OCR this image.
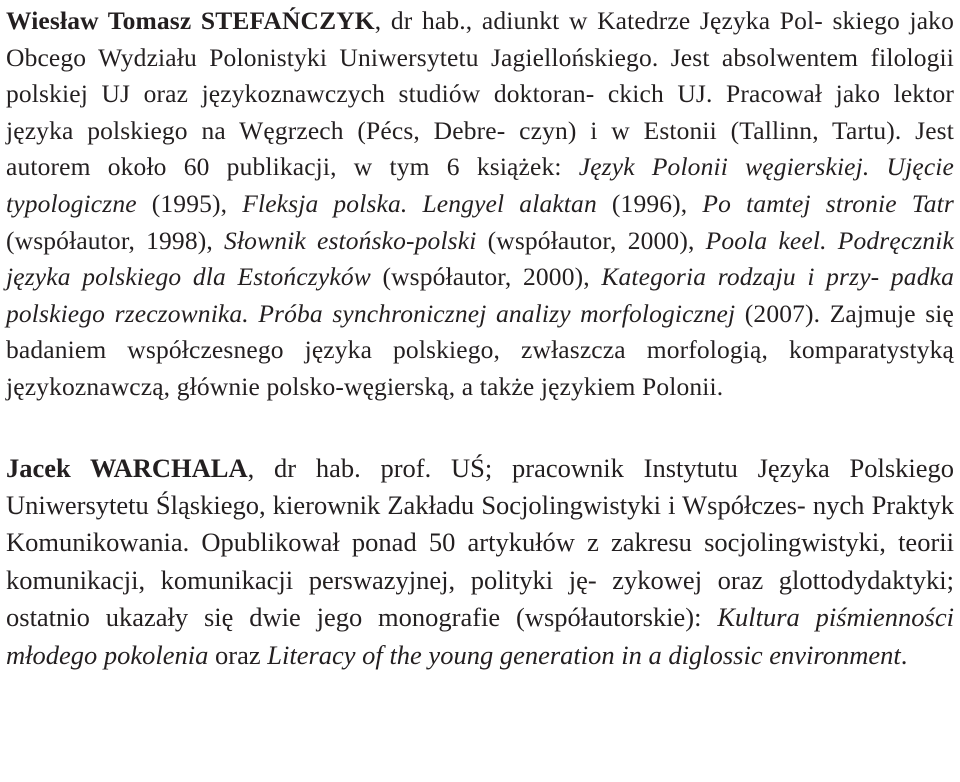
Wiesław Tomasz STEFAŃCZYK, dr hab., adiunkt w Katedrze Języka Pol- skiego jako Obcego Wydziału Polonistyki Uniwersytetu Jagiellońskiego. Jest absolwentem filologii polskiej UJ oraz językoznawczych studiów doktoran- ckich UJ. Pracował jako lektor języka polskiego na Węgrzech (Pécs, Debre- czyn) i w Estonii (Tallinn, Tartu). Jest autorem około 60 publikacji, w tym 6 książek: Język Polonii węgierskiej. Ujęcie typologiczne (1995), Fleksja polska. Lengyel alaktan (1996), Po tamtej stronie Tatr (współautor, 1998), Słownik estońsko-polski (współautor, 2000), Poola keel. Podręcznik języka polskiego dla Estończyków (współautor, 2000), Kategoria rodzaju i przy- padka polskiego rzeczownika. Próba synchronicznej analizy morfologicznej (2007). Zajmuje się badaniem współczesnego języka polskiego, zwłaszcza morfologią, komparatystyką językoznawczą, głównie polsko-węgierską, a także językiem Polonii.

Jacek WARCHALA, dr hab. prof. UŚ; pracownik Instytutu Języka Polskiego Uniwersytetu Śląskiego, kierownik Zakładu Socjolingwistyki i Współczes- nych Praktyk Komunikowania. Opublikował ponad 50 artykułów z zakresu socjolingwistyki, teorii komunikacji, komunikacji perswazyjnej, polityki ję- zykowej oraz glottodydaktyki; ostatnio ukazały się dwie jego monografie (współautorskie): Kultura piśmienności młodego pokolenia oraz Literacy of the young generation in a diglossic environment.
